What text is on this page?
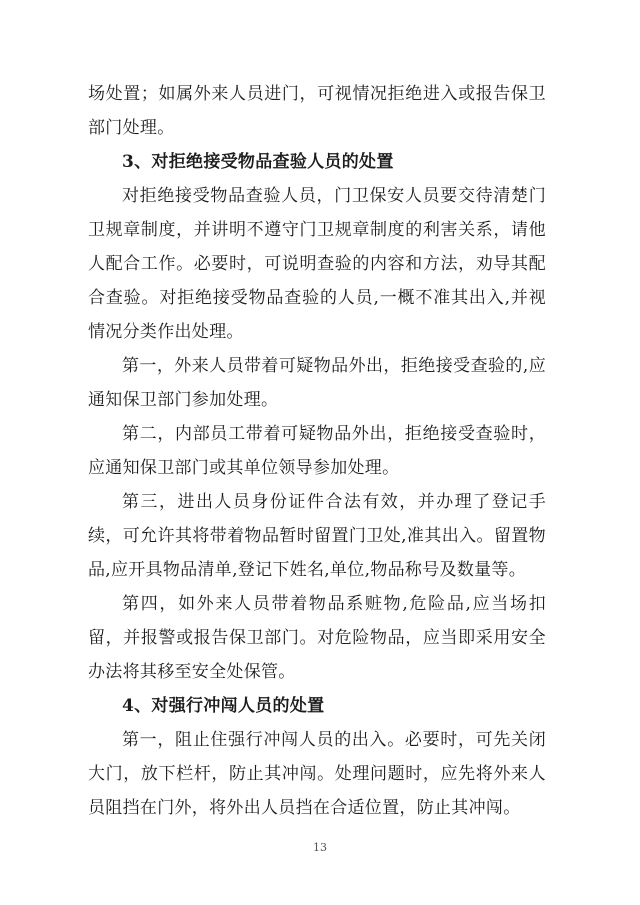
场处置；如属外来人员进门，可视情况拒绝进入或报告保卫部门处理。

3、对拒绝接受物品查验人员的处置

对拒绝接受物品查验人员，门卫保安人员要交待清楚门卫规章制度，并讲明不遵守门卫规章制度的利害关系，请他人配合工作。必要时，可说明查验的内容和方法，劝导其配合查验。对拒绝接受物品查验的人员,一概不准其出入,并视情况分类作出处理。

第一，外来人员带着可疑物品外出，拒绝接受查验的,应通知保卫部门参加处理。

第二，内部员工带着可疑物品外出，拒绝接受查验时，应通知保卫部门或其单位领导参加处理。

第三，进出人员身份证件合法有效，并办理了登记手续，可允许其将带着物品暂时留置门卫处,准其出入。留置物品,应开具物品清单,登记下姓名,单位,物品称号及数量等。

第四，如外来人员带着物品系赃物,危险品,应当场扣留，并报警或报告保卫部门。对危险物品，应当即采用安全办法将其移至安全处保管。

4、对强行冲闯人员的处置

第一，阻止住强行冲闯人员的出入。必要时，可先关闭大门，放下栏杆，防止其冲闯。处理问题时，应先将外来人员阻挡在门外，将外出人员挡在合适位置，防止其冲闯。

13
